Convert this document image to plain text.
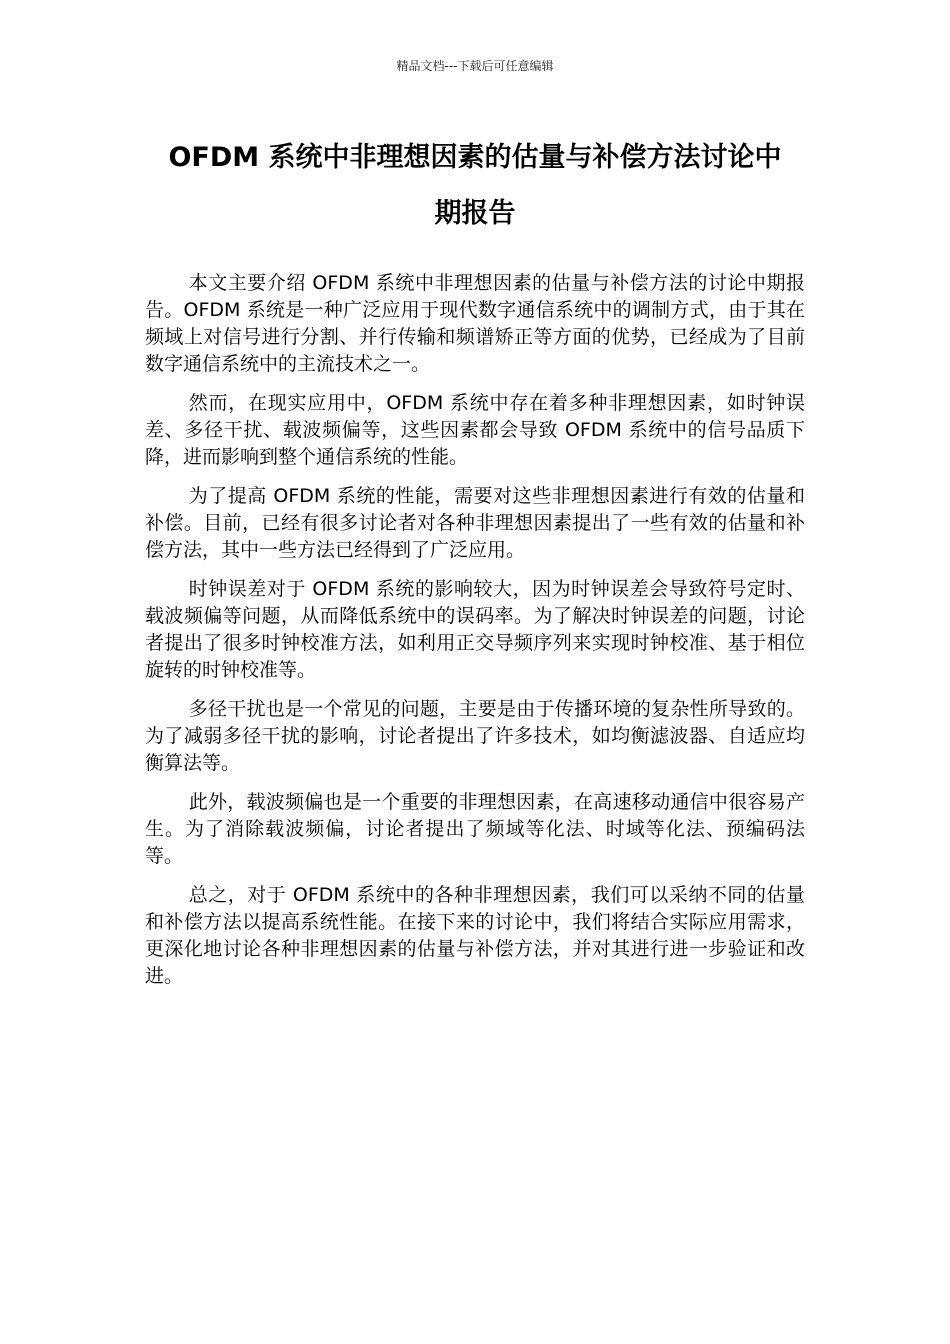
精品文档---下载后可任意编辑
OFDM 系统中非理想因素的估量与补偿方法讨论中
期报告

本文主要介绍 OFDM 系统中非理想因素的估量与补偿方法的讨论中期报告。OFDM 系统是一种广泛应用于现代数字通信系统中的调制方式，由于其在频域上对信号进行分割、并行传输和频谱矫正等方面的优势，已经成为了目前数字通信系统中的主流技术之一。

然而，在现实应用中，OFDM 系统中存在着多种非理想因素，如时钟误差、多径干扰、载波频偏等，这些因素都会导致 OFDM 系统中的信号品质下降，进而影响到整个通信系统的性能。

为了提高 OFDM 系统的性能，需要对这些非理想因素进行有效的估量和补偿。目前，已经有很多讨论者对各种非理想因素提出了一些有效的估量和补偿方法，其中一些方法已经得到了广泛应用。

时钟误差对于 OFDM 系统的影响较大，因为时钟误差会导致符号定时、载波频偏等问题，从而降低系统中的误码率。为了解决时钟误差的问题，讨论者提出了很多时钟校准方法，如利用正交导频序列来实现时钟校准、基于相位旋转的时钟校准等。

多径干扰也是一个常见的问题，主要是由于传播环境的复杂性所导致的。为了减弱多径干扰的影响，讨论者提出了许多技术，如均衡滤波器、自适应均衡算法等。

此外，载波频偏也是一个重要的非理想因素，在高速移动通信中很容易产生。为了消除载波频偏，讨论者提出了频域等化法、时域等化法、预编码法等。

总之，对于 OFDM 系统中的各种非理想因素，我们可以采纳不同的估量和补偿方法以提高系统性能。在接下来的讨论中，我们将结合实际应用需求，更深化地讨论各种非理想因素的估量与补偿方法，并对其进行进一步验证和改进。
